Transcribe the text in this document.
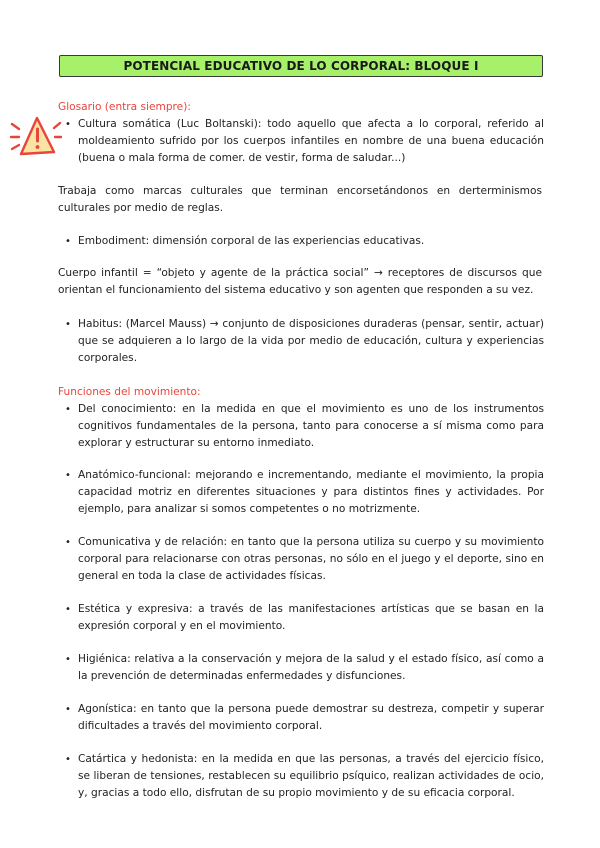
POTENCIAL EDUCATIVO DE LO CORPORAL: BLOQUE I
Glosario (entra siempre):
• Cultura somática (Luc Boltanski): todo aquello que afecta a lo corporal, referido al moldeamiento sufrido por los cuerpos infantiles en nombre de una buena educación (buena o mala forma de comer. de vestir, forma de saludar...)
Trabaja como marcas culturales que terminan encorsetándonos en derterminismos culturales por medio de reglas.
• Embodiment: dimensión corporal de las experiencias educativas.
Cuerpo infantil = “objeto y agente de la práctica social” → receptores de discursos que orientan el funcionamiento del sistema educativo y son agenten que responden a su vez.
• Habitus: (Marcel Mauss) → conjunto de disposiciones duraderas (pensar, sentir, actuar) que se adquieren a lo largo de la vida por medio de educación, cultura y experiencias corporales.
Funciones del movimiento:
• Del conocimiento: en la medida en que el movimiento es uno de los instrumentos cognitivos fundamentales de la persona, tanto para conocerse a sí misma como para explorar y estructurar su entorno inmediato.
• Anatómico-funcional: mejorando e incrementando, mediante el movimiento, la propia capacidad motriz en diferentes situaciones y para distintos fines y actividades. Por ejemplo, para analizar si somos competentes o no motrizmente.
• Comunicativa y de relación: en tanto que la persona utiliza su cuerpo y su movimiento corporal para relacionarse con otras personas, no sólo en el juego y el deporte, sino en general en toda la clase de actividades físicas.
• Estética y expresiva: a través de las manifestaciones artísticas que se basan en la expresión corporal y en el movimiento.
• Higiénica: relativa a la conservación y mejora de la salud y el estado físico, así como a la prevención de determinadas enfermedades y disfunciones.
• Agonística: en tanto que la persona puede demostrar su destreza, competir y superar dificultades a través del movimiento corporal.
• Catártica y hedonista: en la medida en que las personas, a través del ejercicio físico, se liberan de tensiones, restablecen su equilibrio psíquico, realizan actividades de ocio, y, gracias a todo ello, disfrutan de su propio movimiento y de su eficacia corporal.
